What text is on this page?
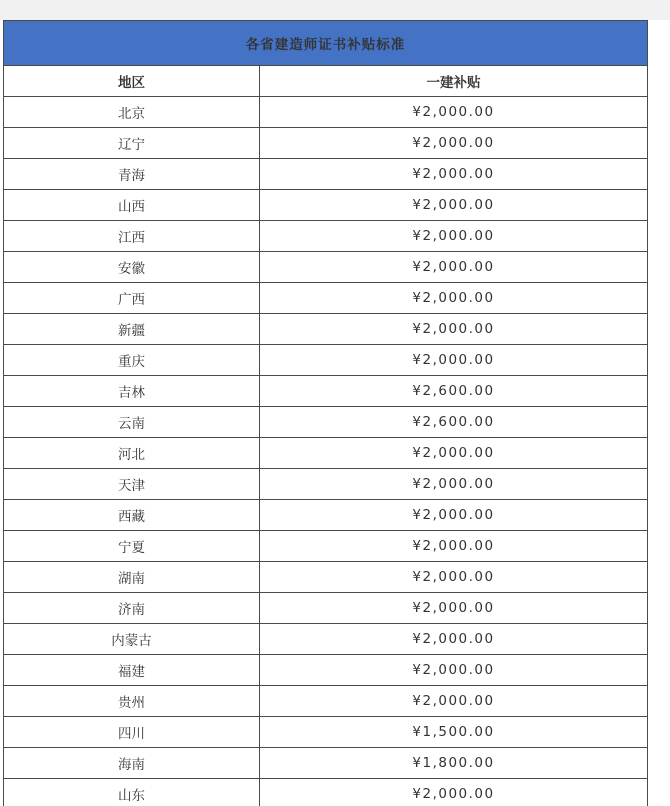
各省建造师证书补贴标准	
地区	一建补贴
北京	¥2,000.00
辽宁	¥2,000.00
青海	¥2,000.00
山西	¥2,000.00
江西	¥2,000.00
安徽	¥2,000.00
广西	¥2,000.00
新疆	¥2,000.00
重庆	¥2,000.00
吉林	¥2,600.00
云南	¥2,600.00
河北	¥2,000.00
天津	¥2,000.00
西藏	¥2,000.00
宁夏	¥2,000.00
湖南	¥2,000.00
济南	¥2,000.00
内蒙古	¥2,000.00
福建	¥2,000.00
贵州	¥2,000.00
四川	¥1,500.00
海南	¥1,800.00
山东	¥2,000.00
